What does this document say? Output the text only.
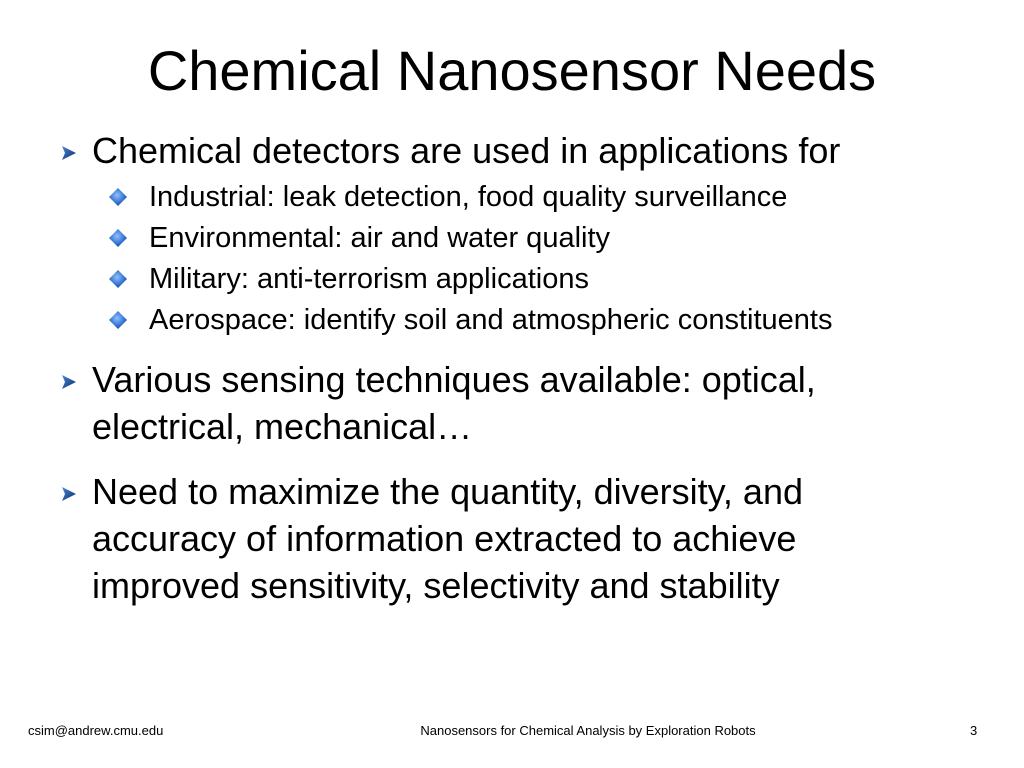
Chemical Nanosensor Needs
Chemical detectors are used in applications for
Industrial: leak detection, food quality surveillance
Environmental: air and water quality
Military: anti-terrorism applications
Aerospace: identify soil and atmospheric constituents
Various sensing techniques available: optical,
electrical, mechanical…
Need to maximize the quantity, diversity, and
accuracy of information extracted to achieve
improved sensitivity, selectivity and stability
csim@andrew.cmu.edu	Nanosensors for Chemical Analysis by Exploration Robots	3
